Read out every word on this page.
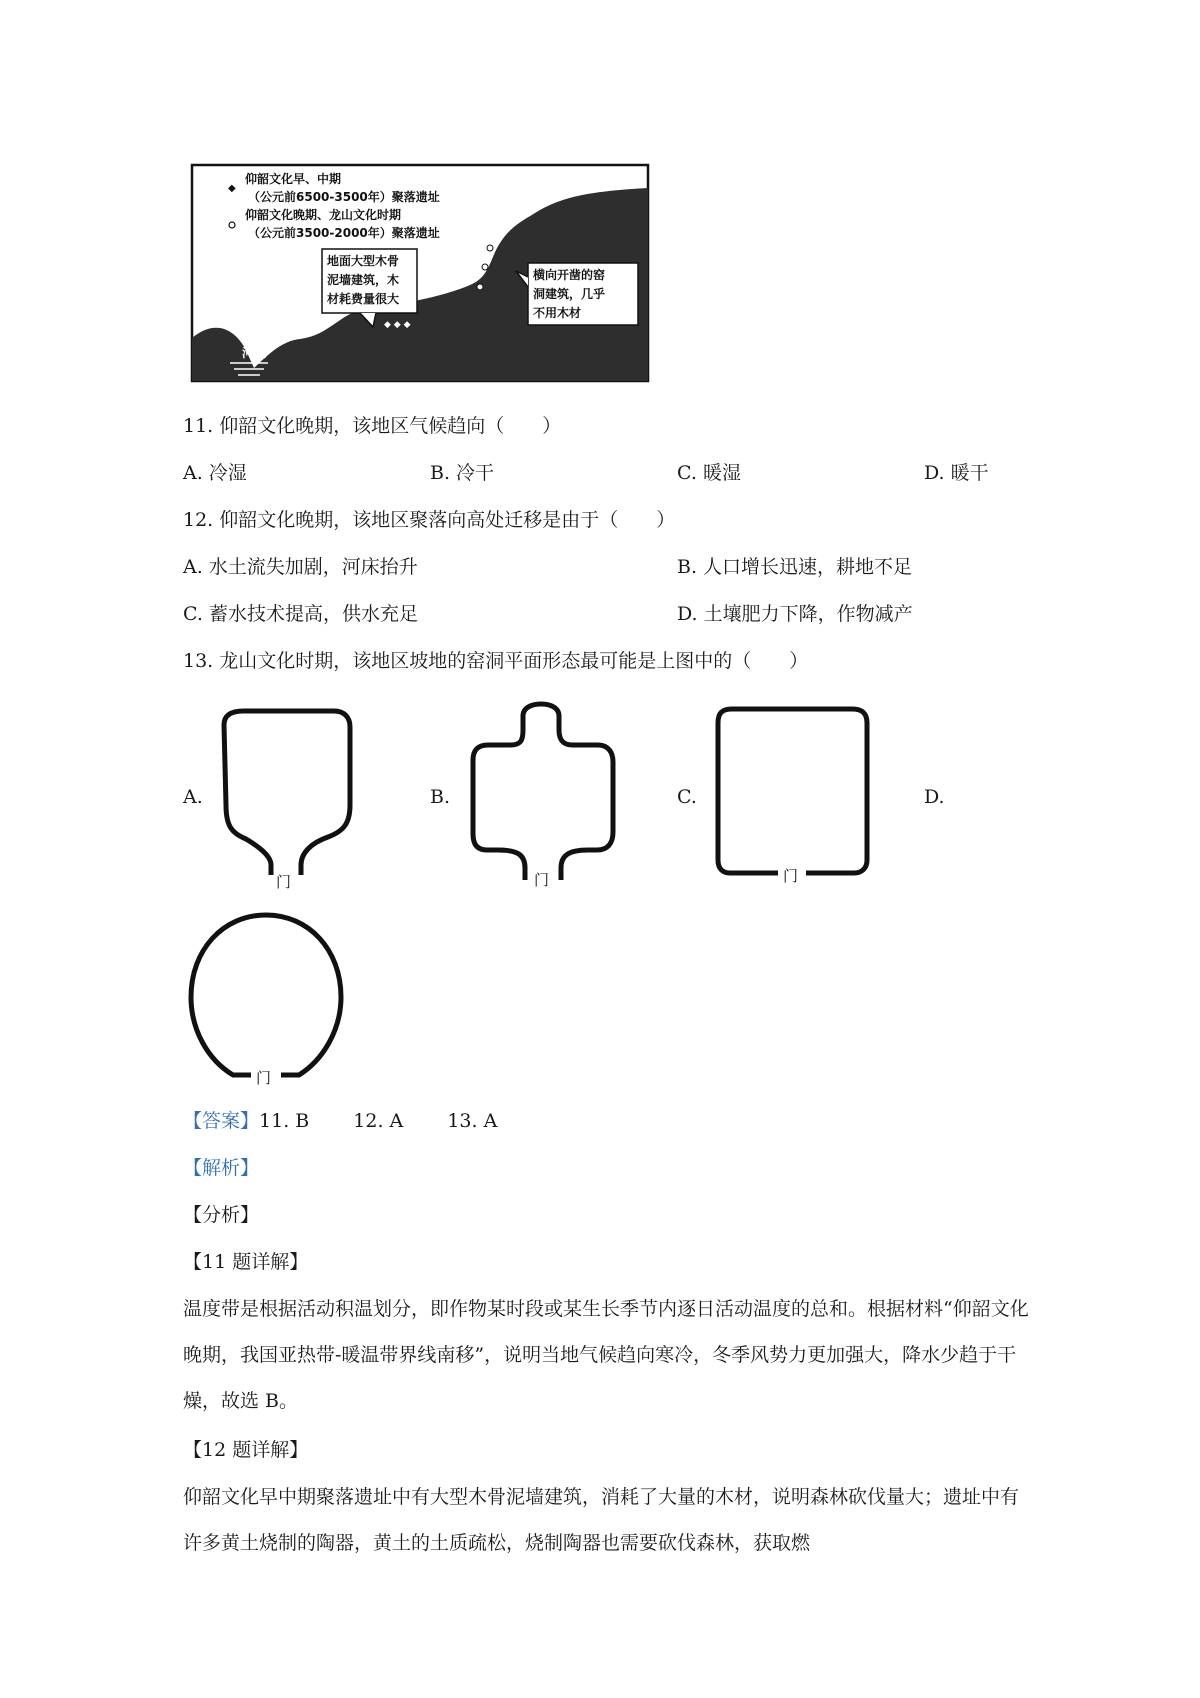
河流
◆
仰韶文化早、中期
（公元前6500-3500年）聚落遗址
仰韶文化晚期、龙山文化时期
（公元前3500-2000年）聚落遗址
地面大型木骨
泥墙建筑，木
材耗费量很大
◆ ◆ ◆
横向开凿的窑
洞建筑，几乎
不用木材
11. 仰韶文化晚期，该地区气候趋向（　　）
A. 冷湿	B. 冷干	C. 暖湿	D. 暖干
12. 仰韶文化晚期，该地区聚落向高处迁移是由于（　　）
A. 水土流失加剧，河床抬升	B. 人口增长迅速，耕地不足
C. 蓄水技术提高，供水充足	D. 土壤肥力下降，作物减产
13. 龙山文化时期，该地区坡地的窑洞平面形态最可能是上图中的（　　）
A.
门
B.
门
C.
门
D.
门
【答案】11. B 12. A 13. A
【解析】
【分析】
【11 题详解】
温度带是根据活动积温划分，即作物某时段或某生长季节内逐日活动温度的总和。根据材料“仰韶文化晚期，我国亚热带-暖温带界线南移”，说明当地气候趋向寒冷，冬季风势力更加强大，降水少趋于干燥，故选 B。
【12 题详解】
仰韶文化早中期聚落遗址中有大型木骨泥墙建筑，消耗了大量的木材，说明森林砍伐量大；遗址中有许多黄土烧制的陶器，黄土的土质疏松，烧制陶器也需要砍伐森林，获取燃
